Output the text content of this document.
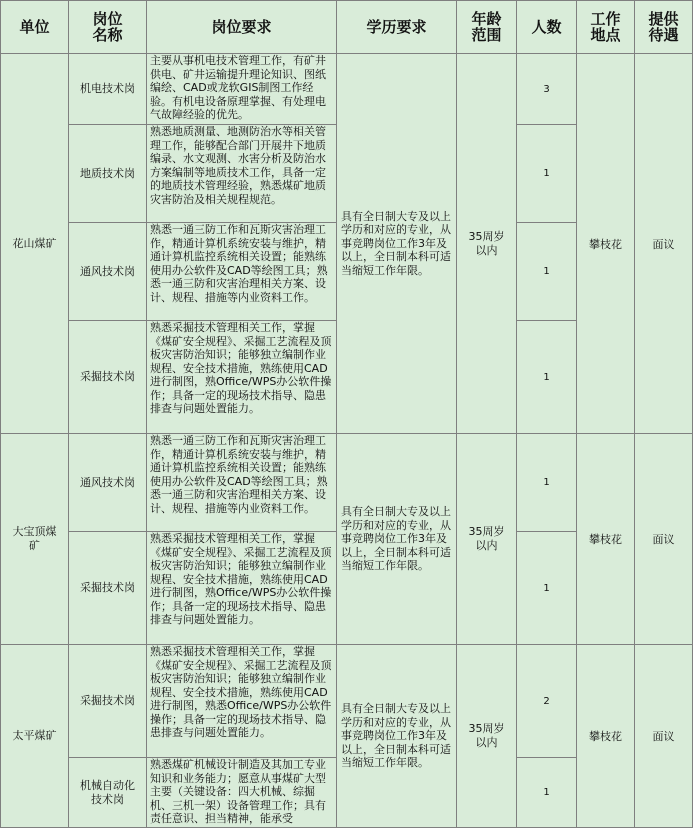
单位	岗位名称	岗位要求	学历要求	年龄范围	人数	工作地点	提供待遇

花山煤矿	机电技术岗	主要从事机电技术管理工作，有矿井供电、矿井运输提升理论知识、图纸编绘、CAD或龙软GIS制图工作经验。有机电设备原理掌握、有处理电气故障经验的优先。	具有全日制大专及以上学历和对应的专业，从事竞聘岗位工作3年及以上，全日制本科可适当缩短工作年限。	35周岁以内	3	攀枝花	面议
	地质技术岗	熟悉地质测量、地测防治水等相关管理工作，能够配合部门开展井下地质编录、水文观测、水害分析及防治水方案编制等地质技术工作，具备一定的地质技术管理经验，熟悉煤矿地质灾害防治及相关规程规范。			1		
	通风技术岗	熟悉一通三防工作和瓦斯灾害治理工作，精通计算机系统安装与维护，精通计算机监控系统相关设置；能熟练使用办公软件及CAD等绘图工具；熟悉一通三防和灾害治理相关方案、设计、规程、措施等内业资料工作。			1		
	采掘技术岗	熟悉采掘技术管理相关工作，掌握《煤矿安全规程》、采掘工艺流程及顶板灾害防治知识；能够独立编制作业规程、安全技术措施，熟练使用CAD进行制图，熟Office/WPS办公软件操作；具备一定的现场技术指导、隐患排查与问题处置能力。			1		

大宝顶煤矿	通风技术岗	熟悉一通三防工作和瓦斯灾害治理工作，精通计算机系统安装与维护，精通计算机监控系统相关设置；能熟练使用办公软件及CAD等绘图工具；熟悉一通三防和灾害治理相关方案、设计、规程、措施等内业资料工作。	具有全日制大专及以上学历和对应的专业，从事竞聘岗位工作3年及以上，全日制本科可适当缩短工作年限。	35周岁以内	1	攀枝花	面议
	采掘技术岗	熟悉采掘技术管理相关工作，掌握《煤矿安全规程》、采掘工艺流程及顶板灾害防治知识；能够独立编制作业规程、安全技术措施，熟练使用CAD进行制图，熟Office/WPS办公软件操作；具备一定的现场技术指导、隐患排查与问题处置能力。			1		
太平煤矿	采掘技术岗	熟悉采掘技术管理相关工作，掌握《煤矿安全规程》、采掘工艺流程及顶板灾害防治知识；能够独立编制作业规程、安全技术措施，熟练使用CAD进行制图，熟悉Office/WPS办公软件操作；具备一定的现场技术指导、隐患排查与问题处置能力。	具有全日制大专及以上学历和对应的专业，从事竞聘岗位工作3年及以上，全日制本科可适当缩短工作年限。	35周岁以内	2	攀枝花	面议

	机械自动化技术岗	熟悉煤矿机械设计制造及其加工专业知识和业务能力；愿意从事煤矿大型主要（关键设备：四大机械、综掘机、三机一架）设备管理工作；具有责任意识、担当精神，能承受			1		
